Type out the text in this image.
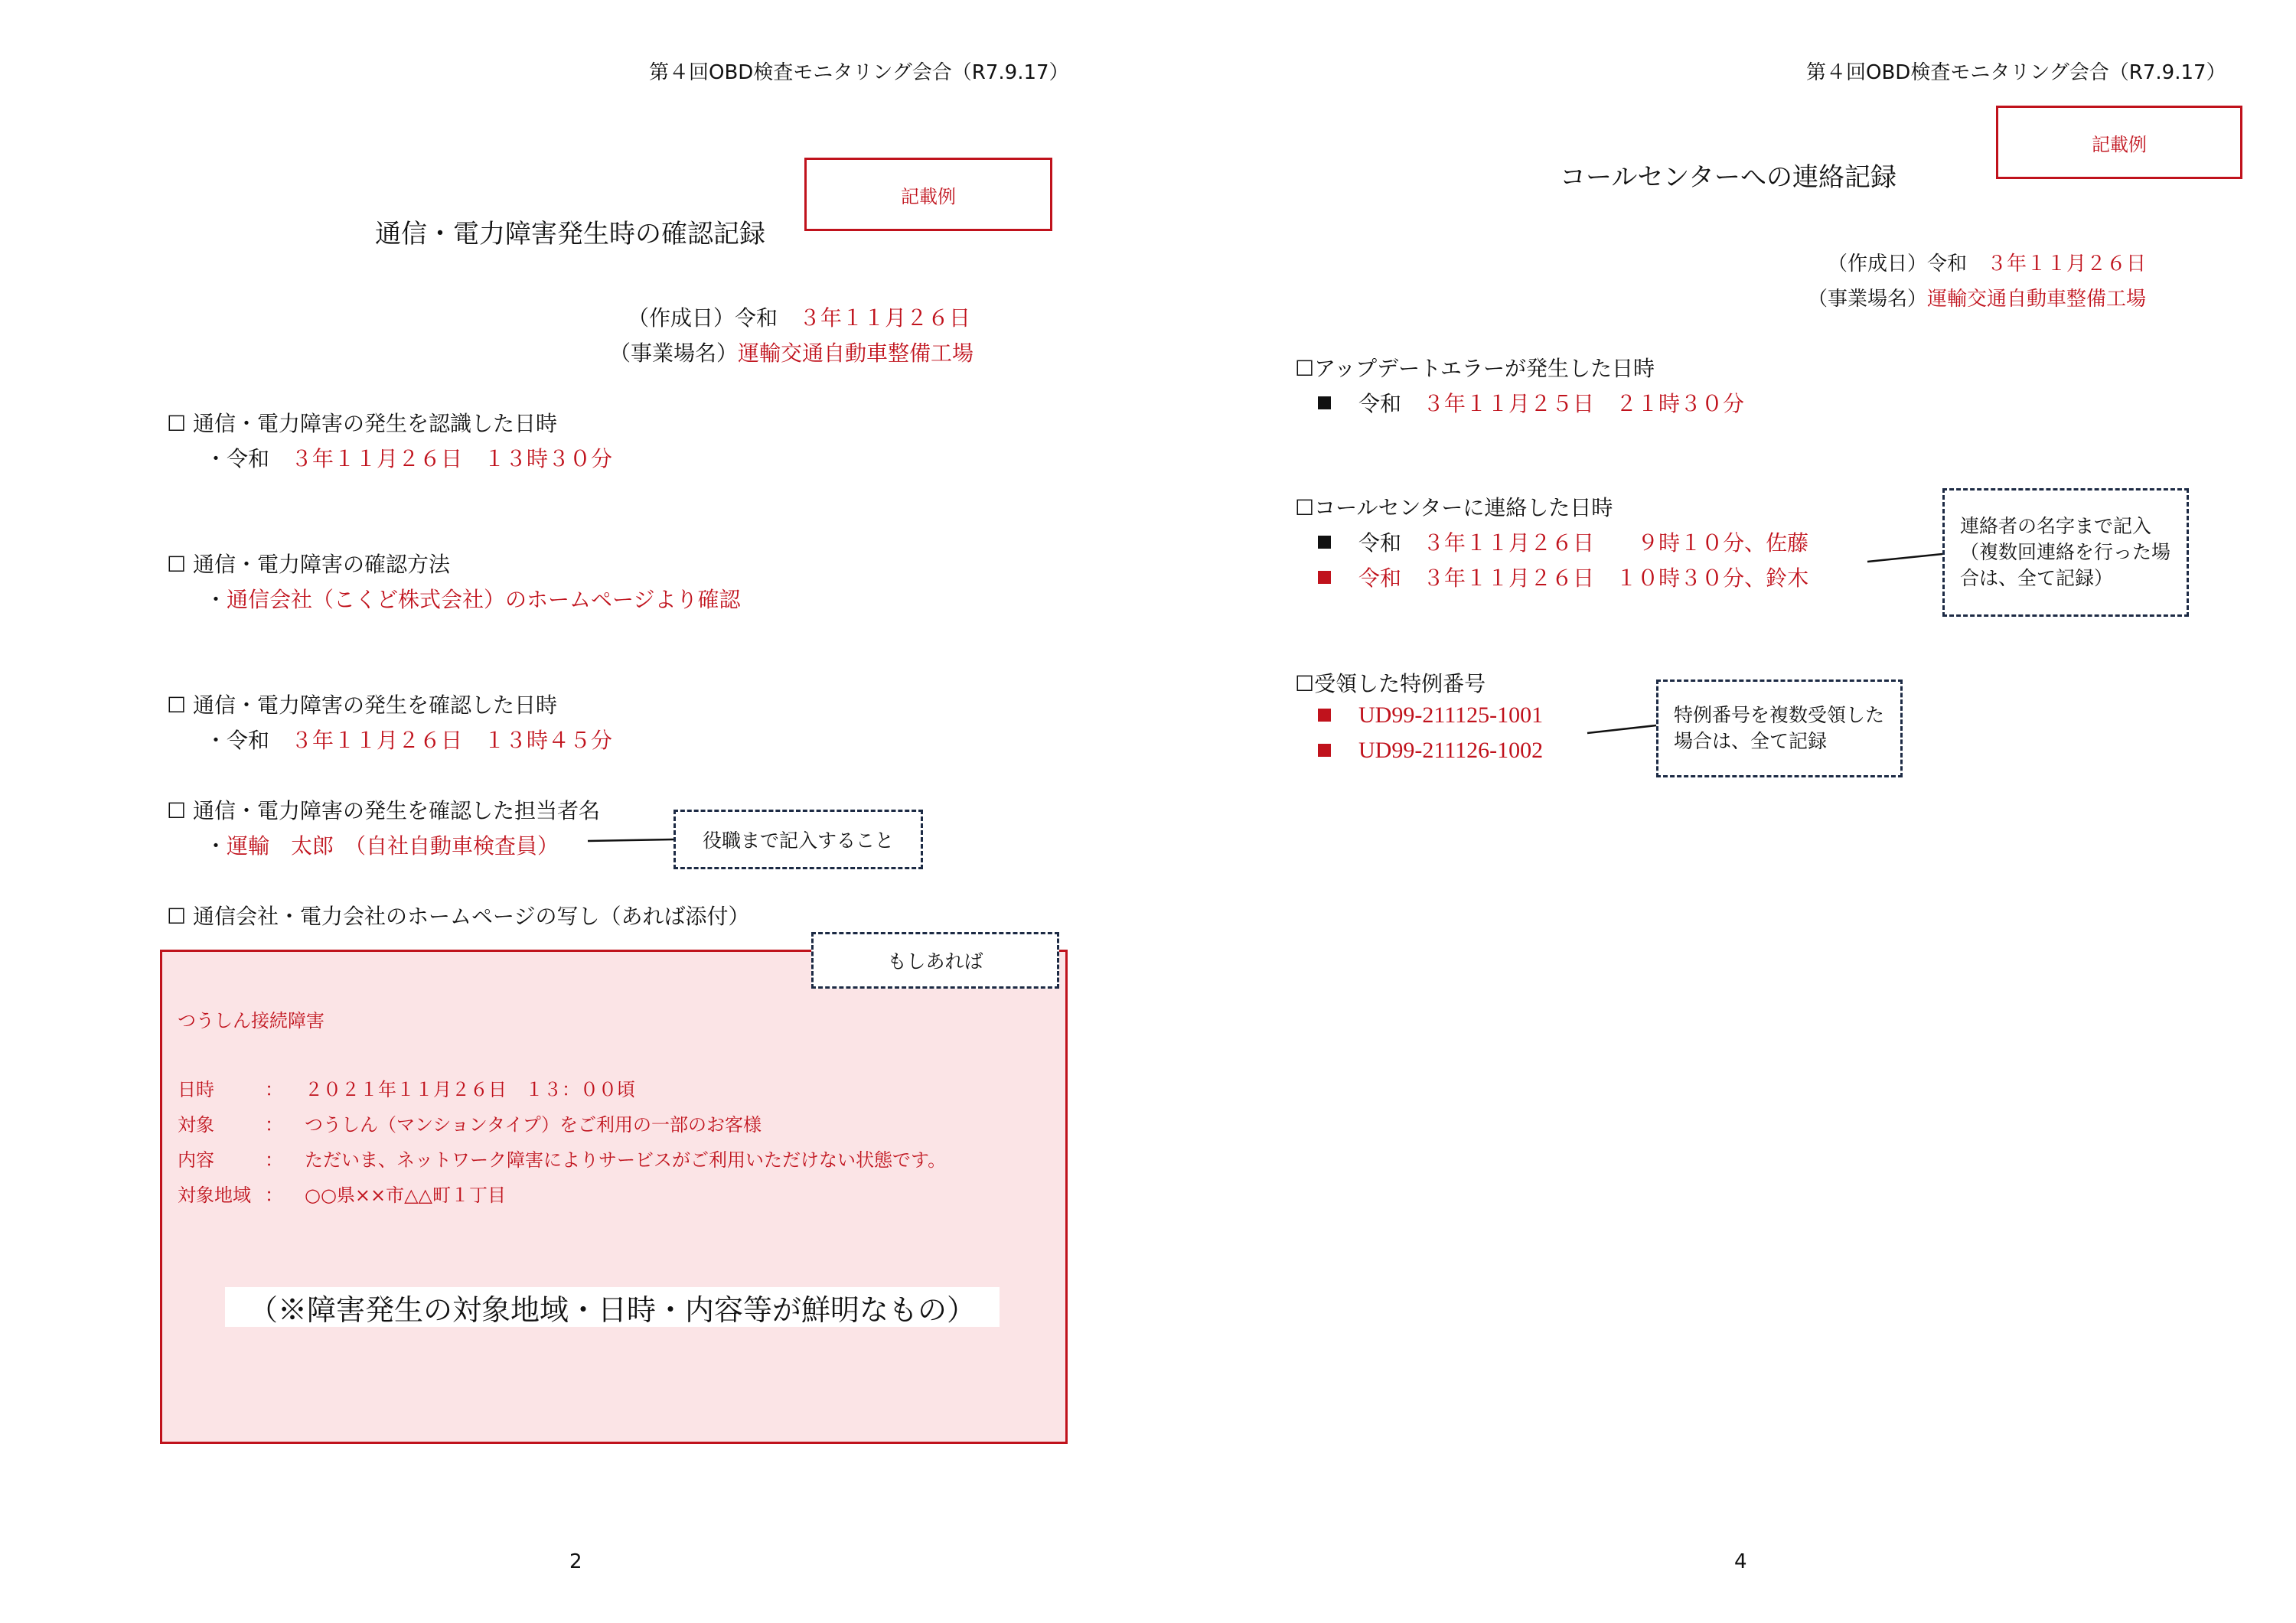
第４回OBD検査モニタリング会合（R7.9.17）
記載例
通信・電力障害発生時の確認記録
（作成日）令和　 ３年１１月２６日
（事業場名）運輸交通自動車整備工場
☐ 通信・電力障害の発生を認識した日時
・令和　 ３年１１月２６日　１３時３０分
☐ 通信・電力障害の確認方法
・通信会社（こくど株式会社）のホームページより確認
☐ 通信・電力障害の発生を確認した日時
・令和　 ３年１１月２６日　１３時４５分
☐ 通信・電力障害の発生を確認した担当者名
・運輸　太郎　（自社自動車検査員）	役職まで記入すること
☐ 通信会社・電力会社のホームページの写し（あれば添付）
つうしん接続障害
日時	： ２０２１年１１月２６日　１３：００頃
対象	： つうしん（マンションタイプ）をご利用の一部のお客様
内容	： ただいま、ネットワーク障害によりサービスがご利用いただけない状態です。
対象地域 ： ○○県××市△△町１丁目
（※障害発生の対象地域・日時・内容等が鮮明なもの）
もしあれば
2
第４回OBD検査モニタリング会合（R7.9.17）
記載例
コールセンターへの連絡記録
（作成日）令和　 ３年１１月２６日
（事業場名）運輸交通自動車整備工場
☐アップデートエラーが発生した日時
令和　 ３年１１月２５日　２１時３０分
☐コールセンターに連絡した日時
令和　 ３年１１月２６日　　 ９時１０分、佐藤
令和　 ３年１１月２６日　 １０時３０分、鈴木
連絡者の名字まで記入（複数回連絡を行った場合は、全て記録）
☐受領した特例番号
UD99-211125-1001
UD99-211126-1002
特例番号を複数受領した場合は、全て記録
4
